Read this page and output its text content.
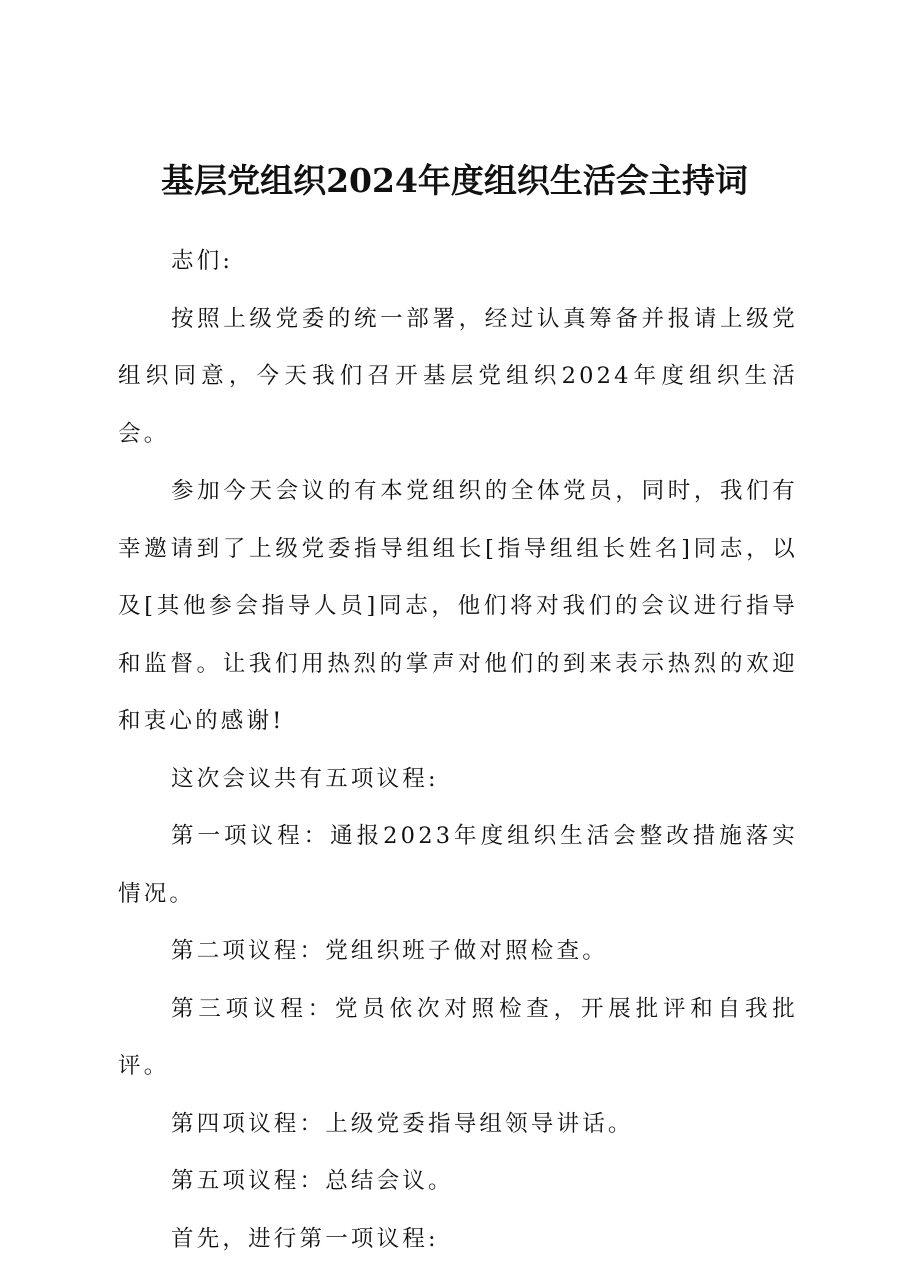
基层党组织2024年度组织生活会主持词

志们:

按照上级党委的统一部署，经过认真筹备并报请上级党组织同意，今天我们召开基层党组织2024年度组织生活会。

参加今天会议的有本党组织的全体党员，同时，我们有幸邀请到了上级党委指导组组长[指导组组长姓名]同志，以及[其他参会指导人员]同志，他们将对我们的会议进行指导和监督。让我们用热烈的掌声对他们的到来表示热烈的欢迎和衷心的感谢!

这次会议共有五项议程:

第一项议程：通报2023年度组织生活会整改措施落实情况。

第二项议程：党组织班子做对照检查。

第三项议程：党员依次对照检查，开展批评和自我批评。

第四项议程：上级党委指导组领导讲话。

第五项议程：总结会议。

首先，进行第一项议程:
